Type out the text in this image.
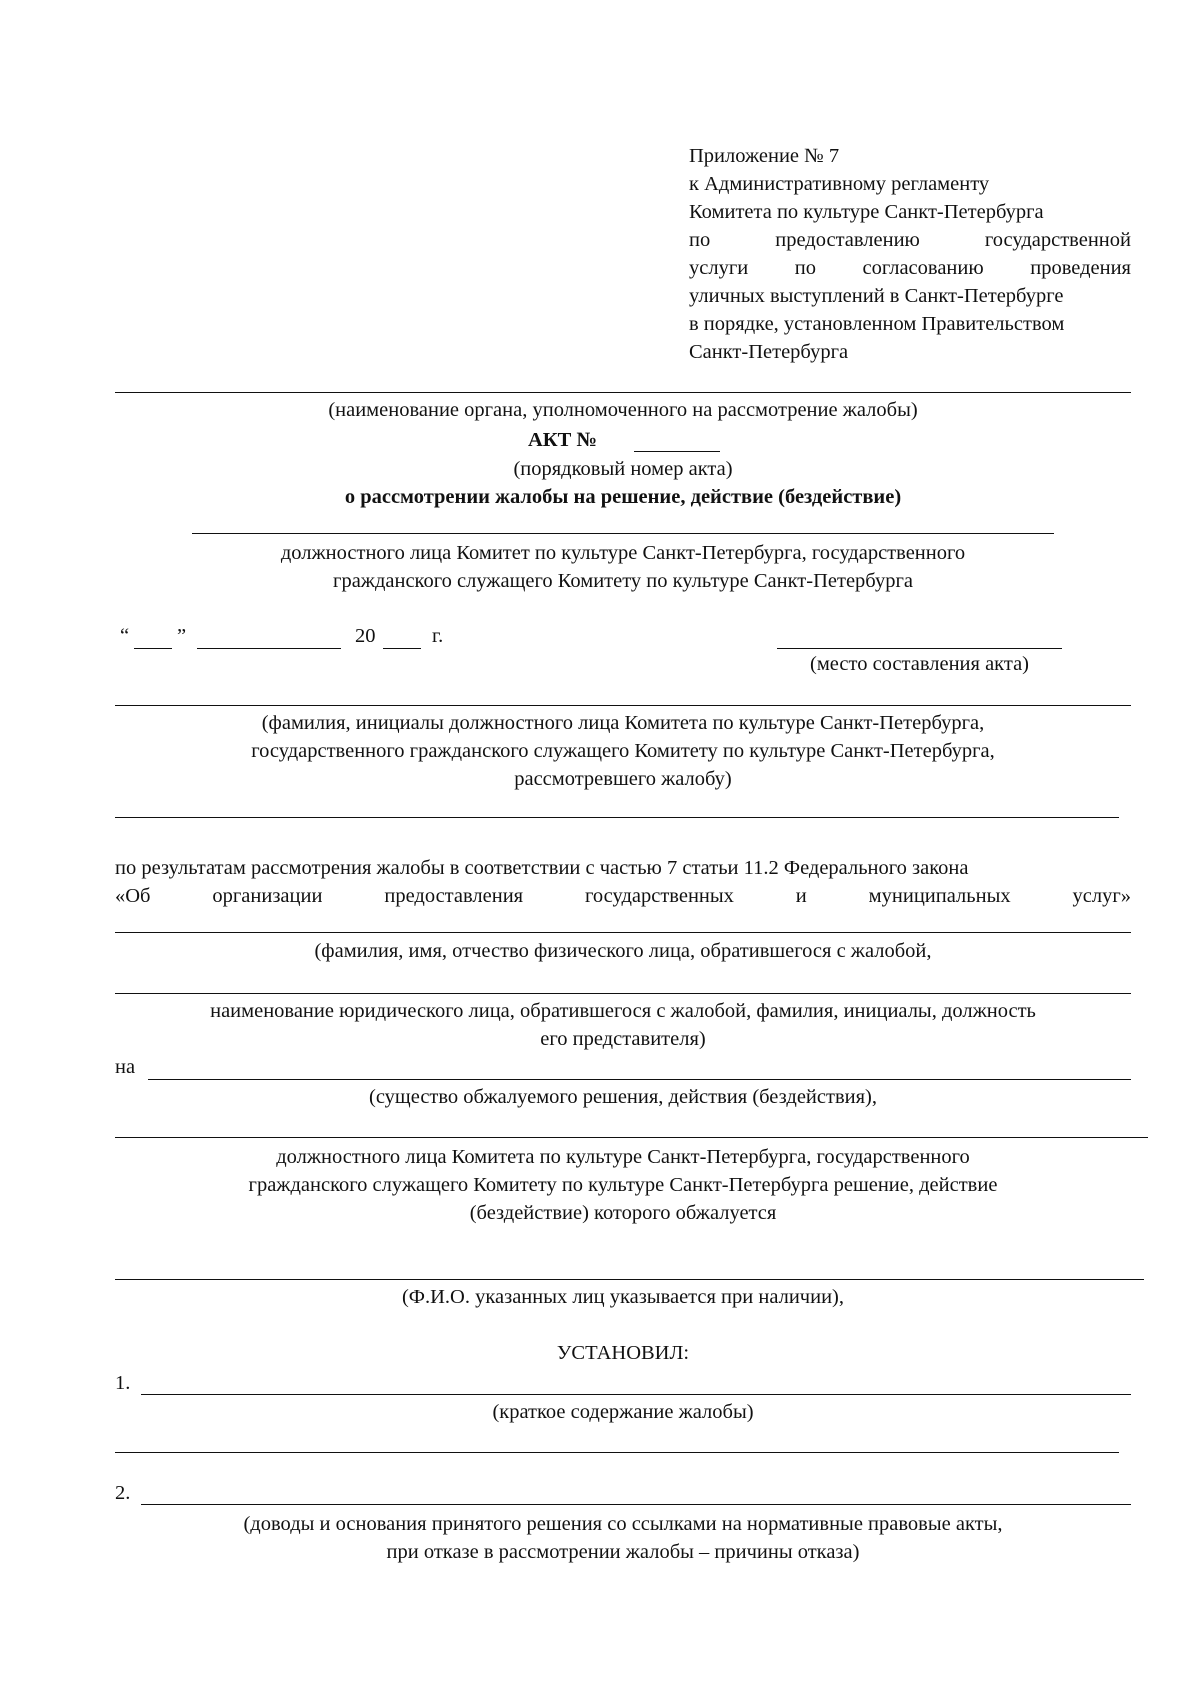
Приложение № 7
к Административному регламенту
Комитета по культуре Санкт-Петербурга
по	предоставлению	государственной
услуги по согласованию проведения
уличных выступлений в Санкт-Петербурге
в порядке, установленном Правительством
Санкт-Петербурга
(наименование органа, уполномоченного на рассмотрение жалобы)
АКТ №
(порядковый номер акта)
о рассмотрении жалобы на решение, действие (бездействие)
должностного лица Комитет по культуре Санкт-Петербурга, государственного
гражданского служащего Комитету по культуре Санкт-Петербурга
“ ”	20	г.
(место составления акта)
(фамилия, инициалы должностного лица Комитета по культуре Санкт-Петербурга,
государственного гражданского служащего Комитету по культуре Санкт-Петербурга,
рассмотревшего жалобу)
по результатам рассмотрения жалобы в соответствии с частью 7 статьи 11.2 Федерального закона
«Об	организации	предоставления	государственных	и	муниципальных	услуг»
(фамилия, имя, отчество физического лица, обратившегося с жалобой,
наименование юридического лица, обратившегося с жалобой, фамилия, инициалы, должность
его представителя)
на
(существо обжалуемого решения, действия (бездействия),
должностного лица Комитета по культуре Санкт-Петербурга, государственного
гражданского служащего Комитету по культуре Санкт-Петербурга решение, действие
(бездействие) которого обжалуется
(Ф.И.О. указанных лиц указывается при наличии),
УСТАНОВИЛ:
1.
(краткое содержание жалобы)
2.
(доводы и основания принятого решения со ссылками на нормативные правовые акты,
при отказе в рассмотрении жалобы – причины отказа)
